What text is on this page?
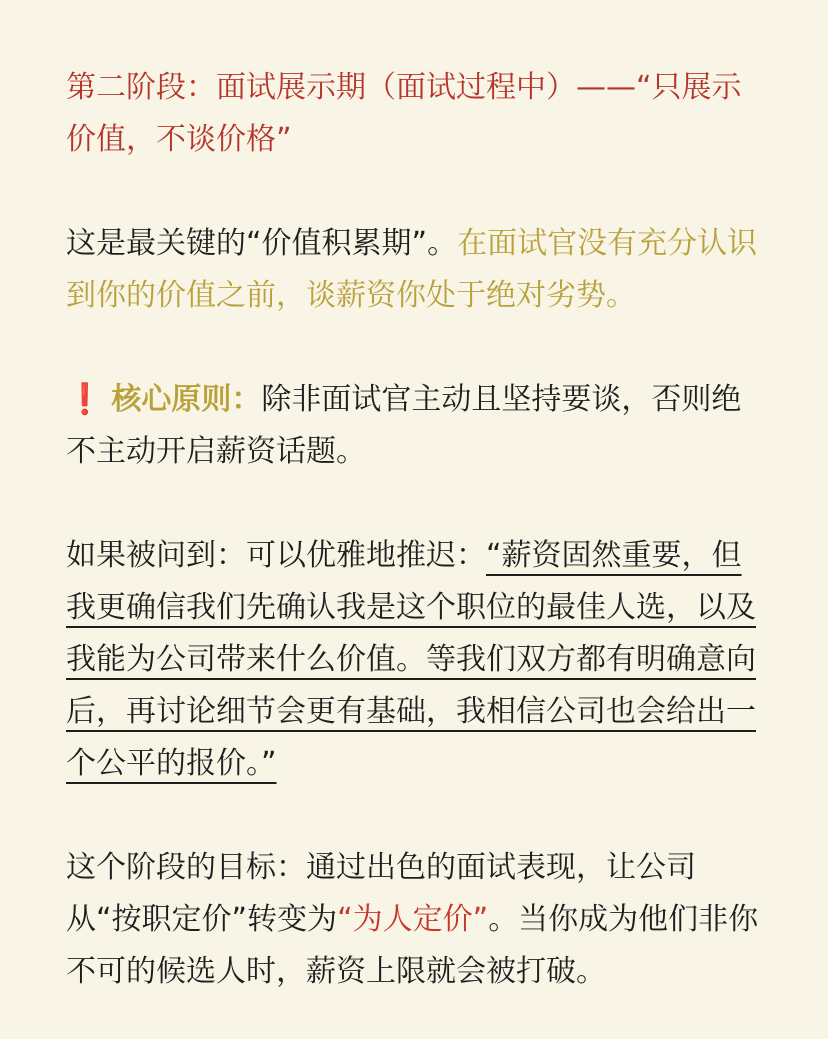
第二阶段：面试展示期（面试过程中）——“只展示价值，不谈价格”

这是最关键的“价值积累期”。在面试官没有充分认识到你的价值之前，谈薪资你处于绝对劣势。

❗ 核心原则：除非面试官主动且坚持要谈，否则绝不主动开启薪资话题。

如果被问到：可以优雅地推迟：“薪资固然重要，但我更确信我们先确认我是这个职位的最佳人选，以及我能为公司带来什么价值。等我们双方都有明确意向后，再讨论细节会更有基础，我相信公司也会给出一个公平的报价。”

这个阶段的目标：通过出色的面试表现，让公司从“按职定价”转变为“为人定价”。当你成为他们非你不可的候选人时，薪资上限就会被打破。
